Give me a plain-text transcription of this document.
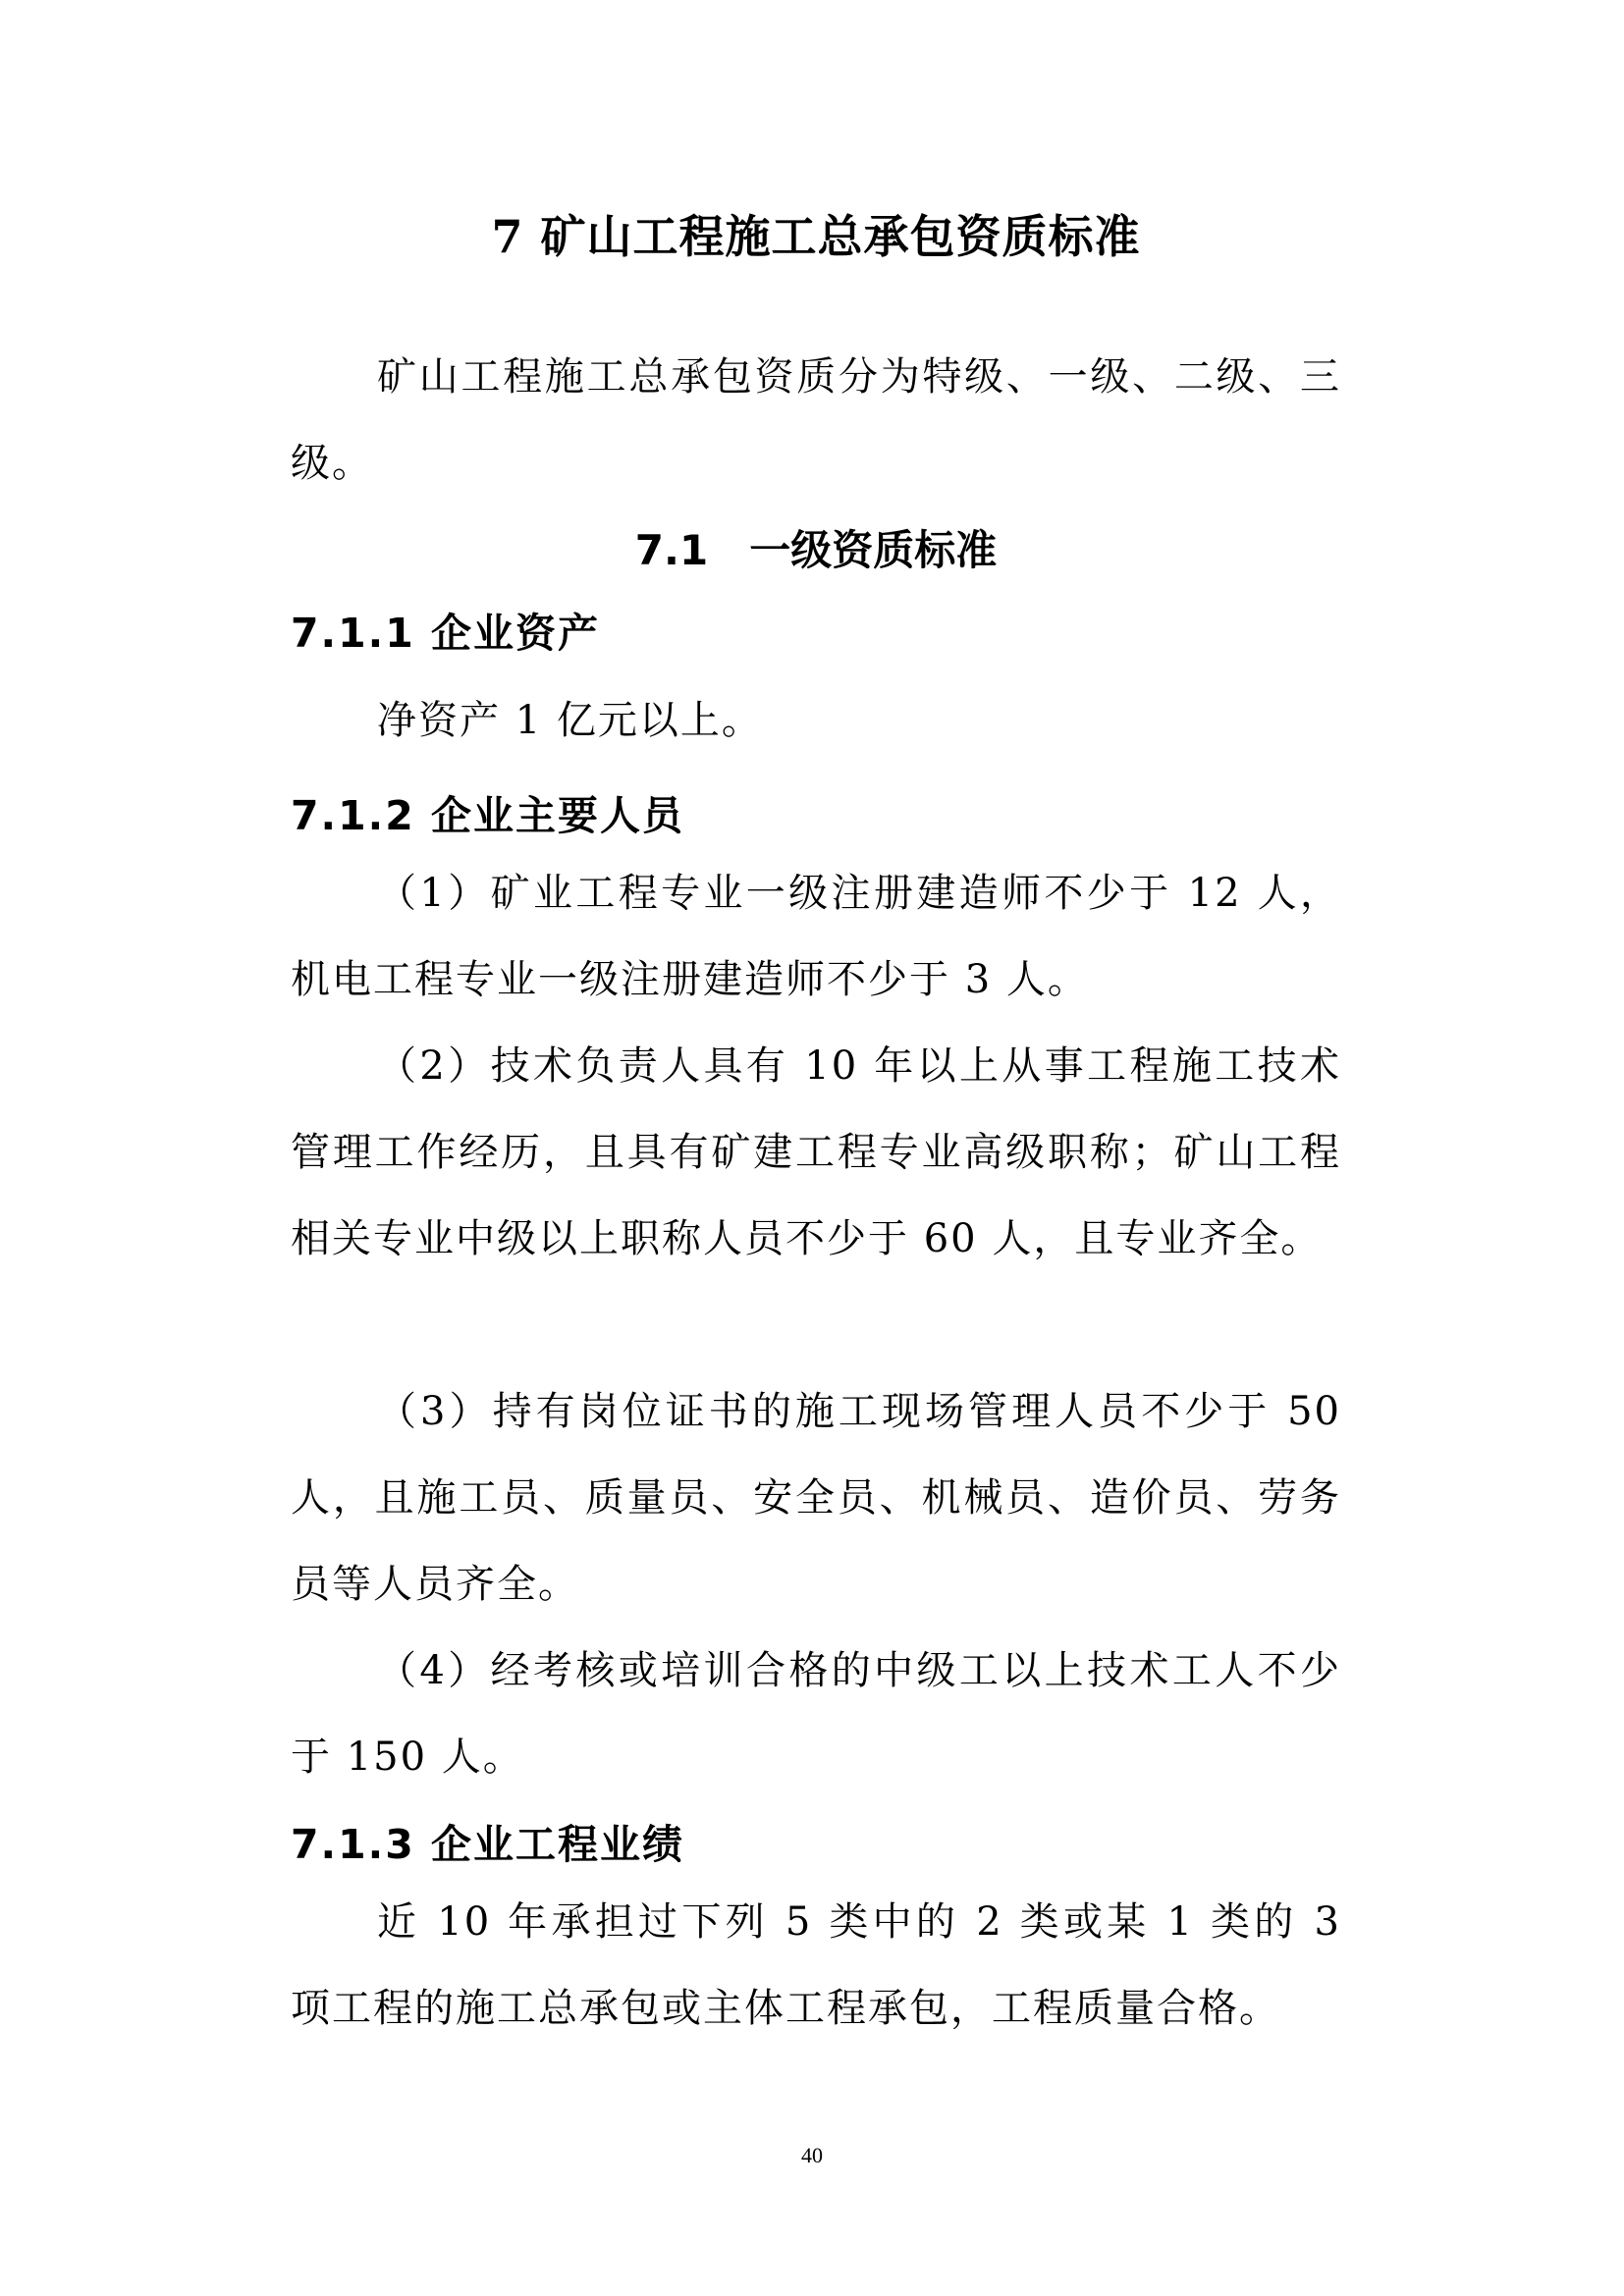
7 矿山工程施工总承包资质标准

矿山工程施工总承包资质分为特级、一级、二级、三级。

7.1　一级资质标准
7.1.1 企业资产

净资产 1 亿元以上。

7.1.2 企业主要人员

（1）矿业工程专业一级注册建造师不少于 12 人，机电工程专业一级注册建造师不少于 3 人。

（2）技术负责人具有 10 年以上从事工程施工技术管理工作经历，且具有矿建工程专业高级职称；矿山工程相关专业中级以上职称人员不少于 60 人，且专业齐全。

（3）持有岗位证书的施工现场管理人员不少于 50 人，且施工员、质量员、安全员、机械员、造价员、劳务员等人员齐全。

（4）经考核或培训合格的中级工以上技术工人不少于 150 人。

7.1.3 企业工程业绩

近 10 年承担过下列 5 类中的 2 类或某 1 类的 3 项工程的施工总承包或主体工程承包，工程质量合格。

40
